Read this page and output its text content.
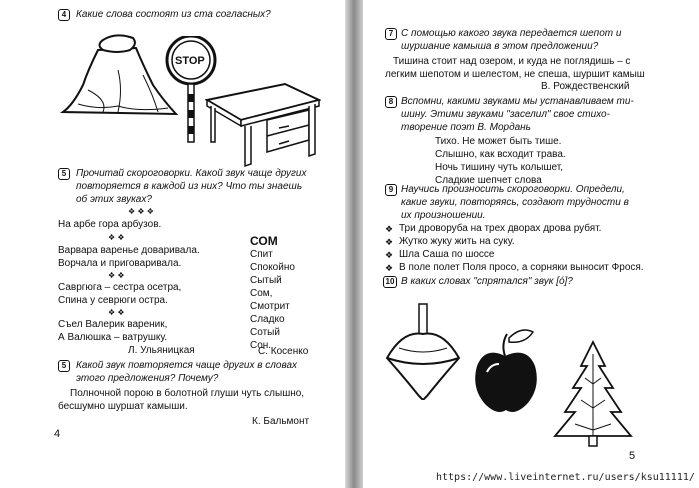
4 Какие слова состоят из ста согласных?
STOP
5 Прочитай скороговорки. Какой звук чаще других
повторяется в каждой из них? Что ты знаешь
об этих звуках?
❖ ❖ ❖
На арбе гора арбузов.
❖ ❖
Варвара варенье доваривала.
Ворчала и приговаривала.
❖ ❖
Савргюга – сестра осетра,
Спина у севрюги остра.
❖ ❖
Съел Валерик вареник,
А Валюшка – ватрушку.
Л. Ульяницкая
СОМ
Спит
Спокойно
Сытый
Сом,
Смотрит
Сладко
Сотый
Сон.
С. Косенко
5 Какой звук повторяется чаще других в словах
этого предложения? Почему?
Полночной порою в болотной глуши чуть слышно,
бесшумно шуршат камыши.
К. Бальмонт
4
7 С помощью какого звука передается шепот и
шуршание камыша в этом предложении?
Тишина стоит над озером, и куда не поглядишь – с
легким шепотом и шелестом, не спеша, шуршит камыш
В. Рождественский
8 Вспомни, какими звуками мы устанавливаем ти-
шину. Этими звуками "заселил" свое стихо-
творение поэт В. Мордань
Тихо. Не может быть тише.
Слышно, как всходит трава.
Ночь тишину чуть колышет,
Сладкие шепчет слова
9 Научись произносить скороговорки. Определи,
какие звуки, повторяясь, создают трудности в
их произношении.
❖ Три дроворуба на трех дворах дрова рубят.
❖ Жутко жуку жить на суку.
❖ Шла Саша по шоссе
❖ В поле полет Поля просо, а сорняки выносит Фрося.
10 В каких словах "спрятался" звук [ó]?
5
https://www.liveinternet.ru/users/ksu11111/
